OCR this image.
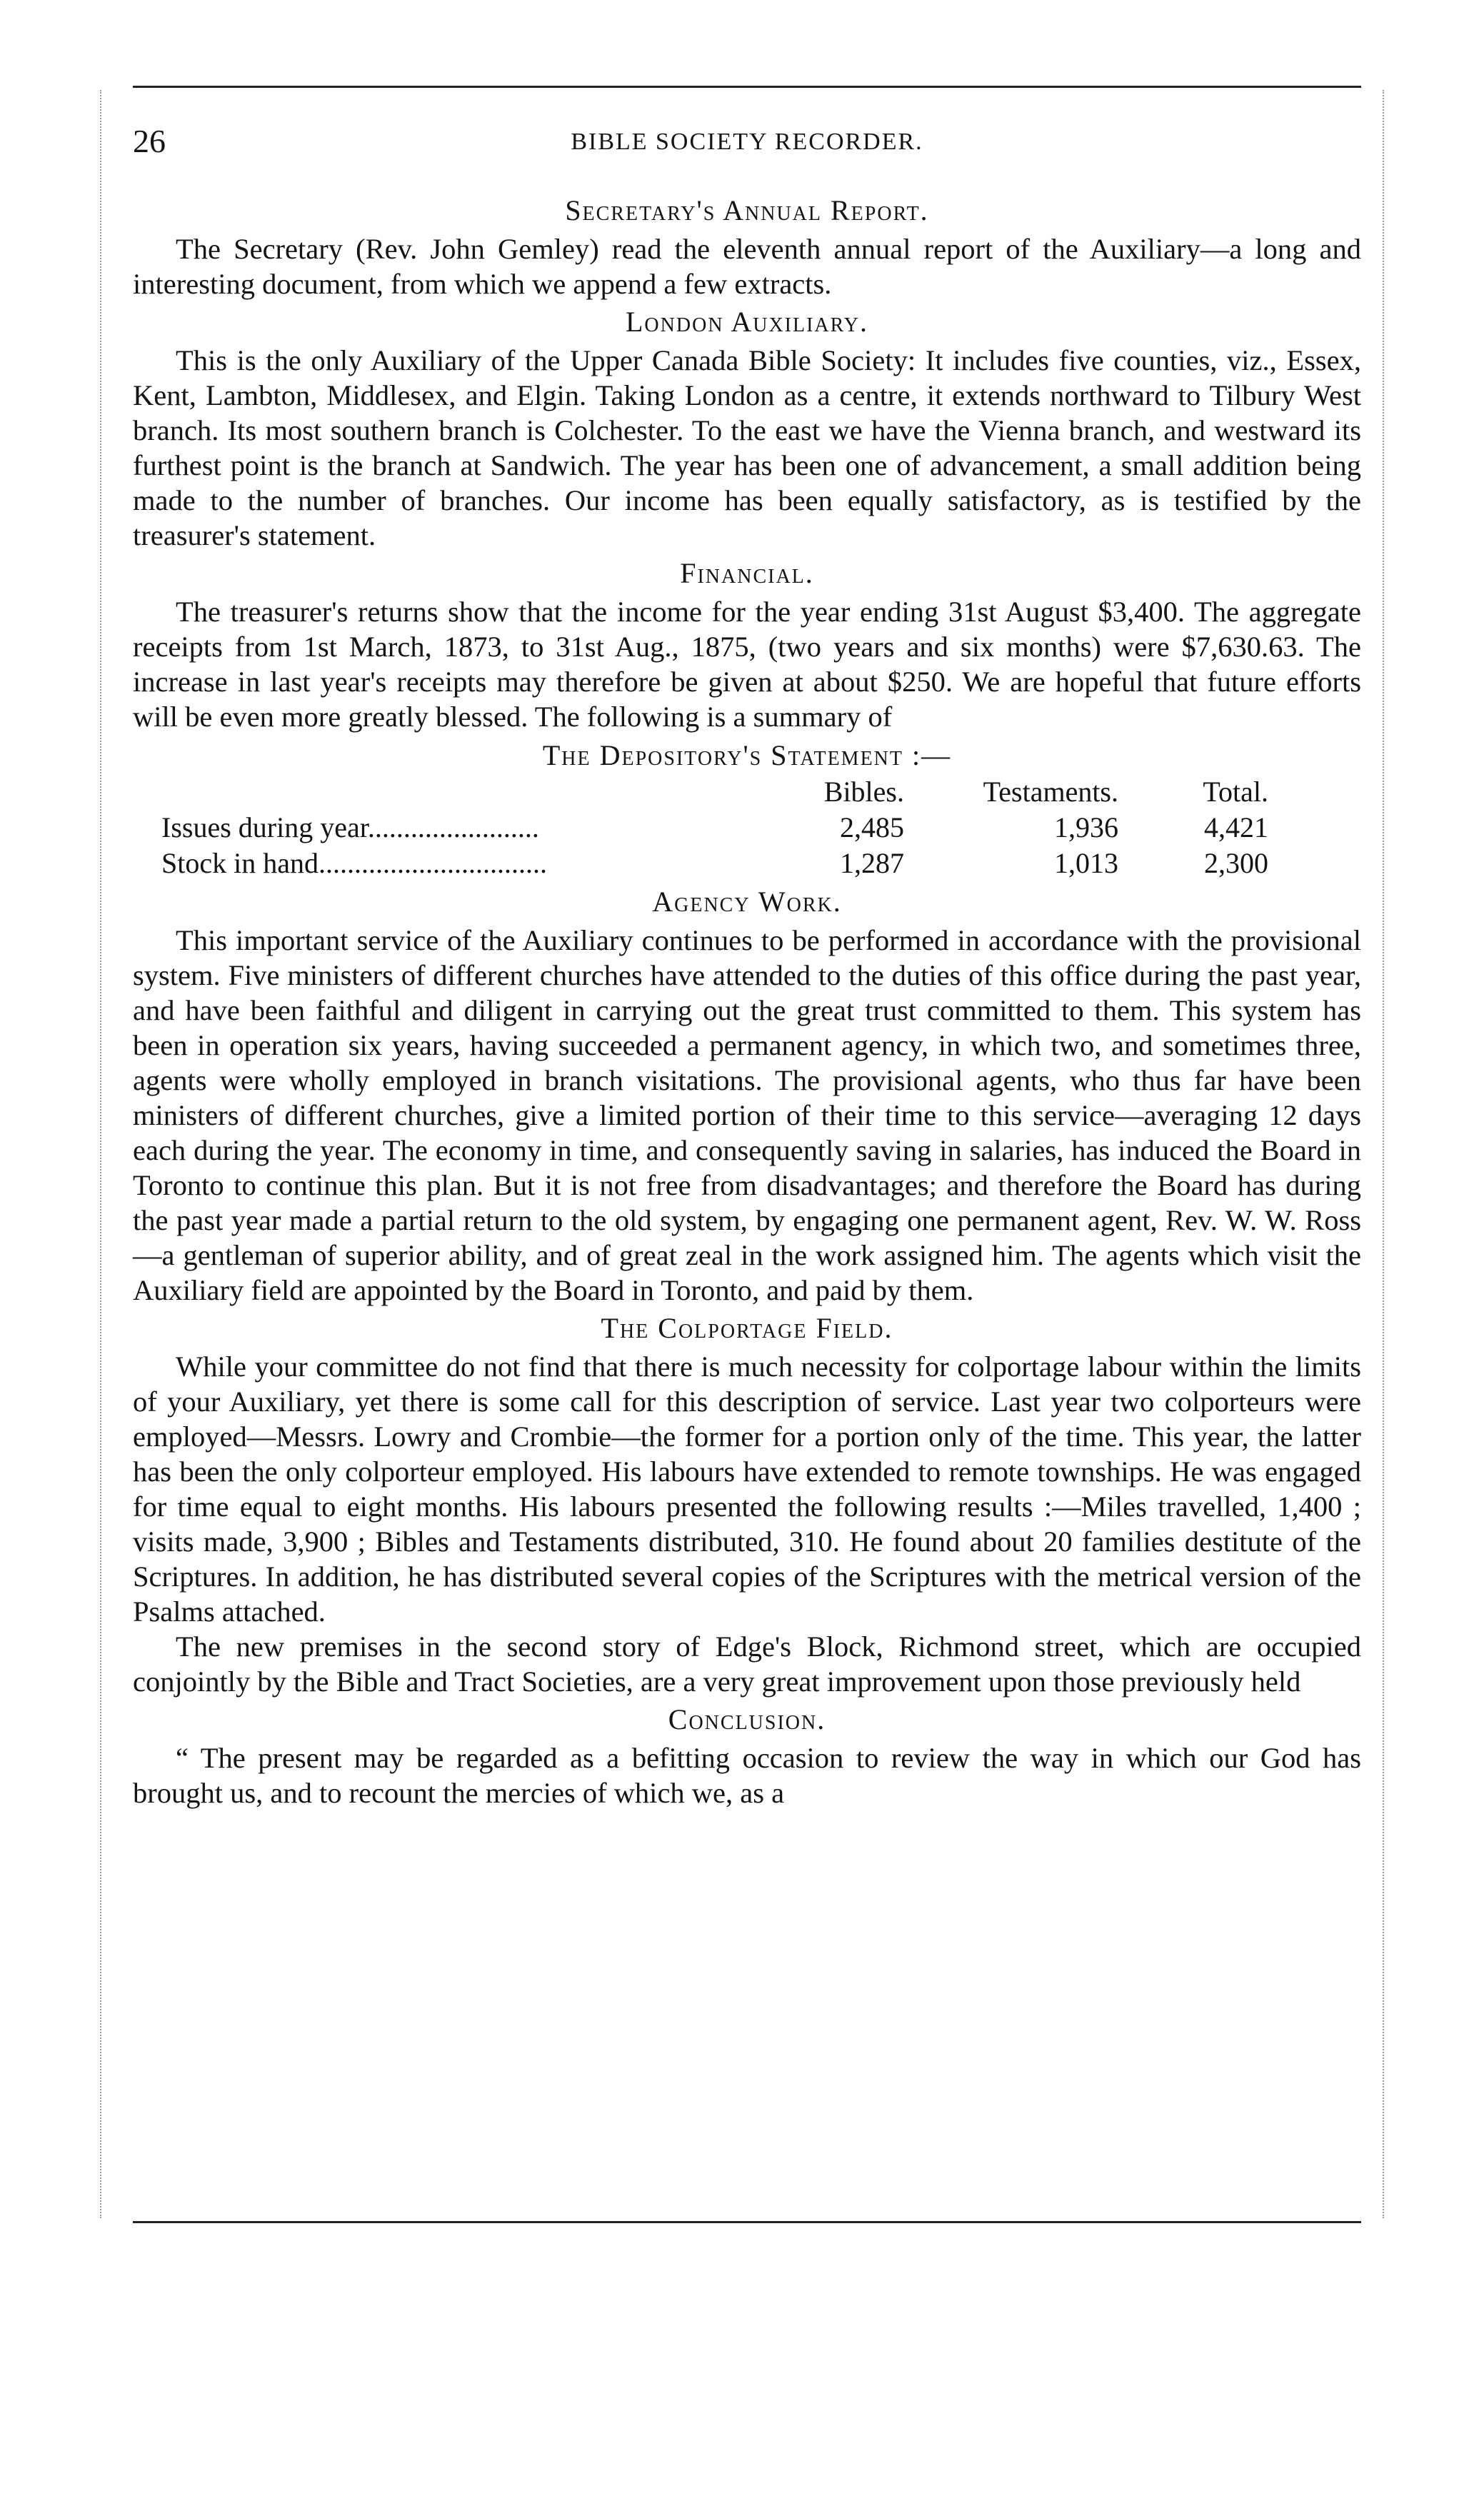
26	BIBLE SOCIETY RECORDER.
Secretary's Annual Report.

The Secretary (Rev. John Gemley) read the eleventh annual report of the Auxiliary—a long and interesting document, from which we append a few extracts.

London Auxiliary.

This is the only Auxiliary of the Upper Canada Bible Society: It includes five counties, viz., Essex, Kent, Lambton, Middlesex, and Elgin. Taking London as a centre, it extends northward to Tilbury West branch. Its most southern branch is Colchester. To the east we have the Vienna branch, and westward its furthest point is the branch at Sandwich. The year has been one of advancement, a small addition being made to the number of branches. Our income has been equally satisfactory, as is testified by the treasurer's statement.

Financial.

The treasurer's returns show that the income for the year ending 31st August $3,400. The aggregate receipts from 1st March, 1873, to 31st Aug., 1875, (two years and six months) were $7,630.63. The increase in last year's receipts may therefore be given at about $250. We are hopeful that future efforts will be even more greatly blessed. The following is a summary of

The Depository's Statement :—
	Bibles.	Testaments.	Total.
Issues during year........................	2,485	1,936	4,421
Stock in hand................................	1,287	1,013	2,300
Agency Work.

This important service of the Auxiliary continues to be performed in accordance with the provisional system. Five ministers of different churches have attended to the duties of this office during the past year, and have been faithful and diligent in carrying out the great trust committed to them. This system has been in operation six years, having succeeded a permanent agency, in which two, and sometimes three, agents were wholly employed in branch visitations. The provisional agents, who thus far have been ministers of different churches, give a limited portion of their time to this service—averaging 12 days each during the year. The economy in time, and consequently saving in salaries, has induced the Board in Toronto to continue this plan. But it is not free from disadvantages; and therefore the Board has during the past year made a partial return to the old system, by engaging one permanent agent, Rev. W. W. Ross—a gentleman of superior ability, and of great zeal in the work assigned him. The agents which visit the Auxiliary field are appointed by the Board in Toronto, and paid by them.

The Colportage Field.

While your committee do not find that there is much necessity for colportage labour within the limits of your Auxiliary, yet there is some call for this description of service. Last year two colporteurs were employed—Messrs. Lowry and Crombie—the former for a portion only of the time. This year, the latter has been the only colporteur employed. His labours have extended to remote townships. He was engaged for time equal to eight months. His labours presented the following results :—Miles travelled, 1,400 ; visits made, 3,900 ; Bibles and Testaments distributed, 310. He found about 20 families destitute of the Scriptures. In addition, he has distributed several copies of the Scriptures with the metrical version of the Psalms attached.

The new premises in the second story of Edge's Block, Richmond street, which are occupied conjointly by the Bible and Tract Societies, are a very great improvement upon those previously held

Conclusion.

“ The present may be regarded as a befitting occasion to review the way in which our God has brought us, and to recount the mercies of which we, as a
